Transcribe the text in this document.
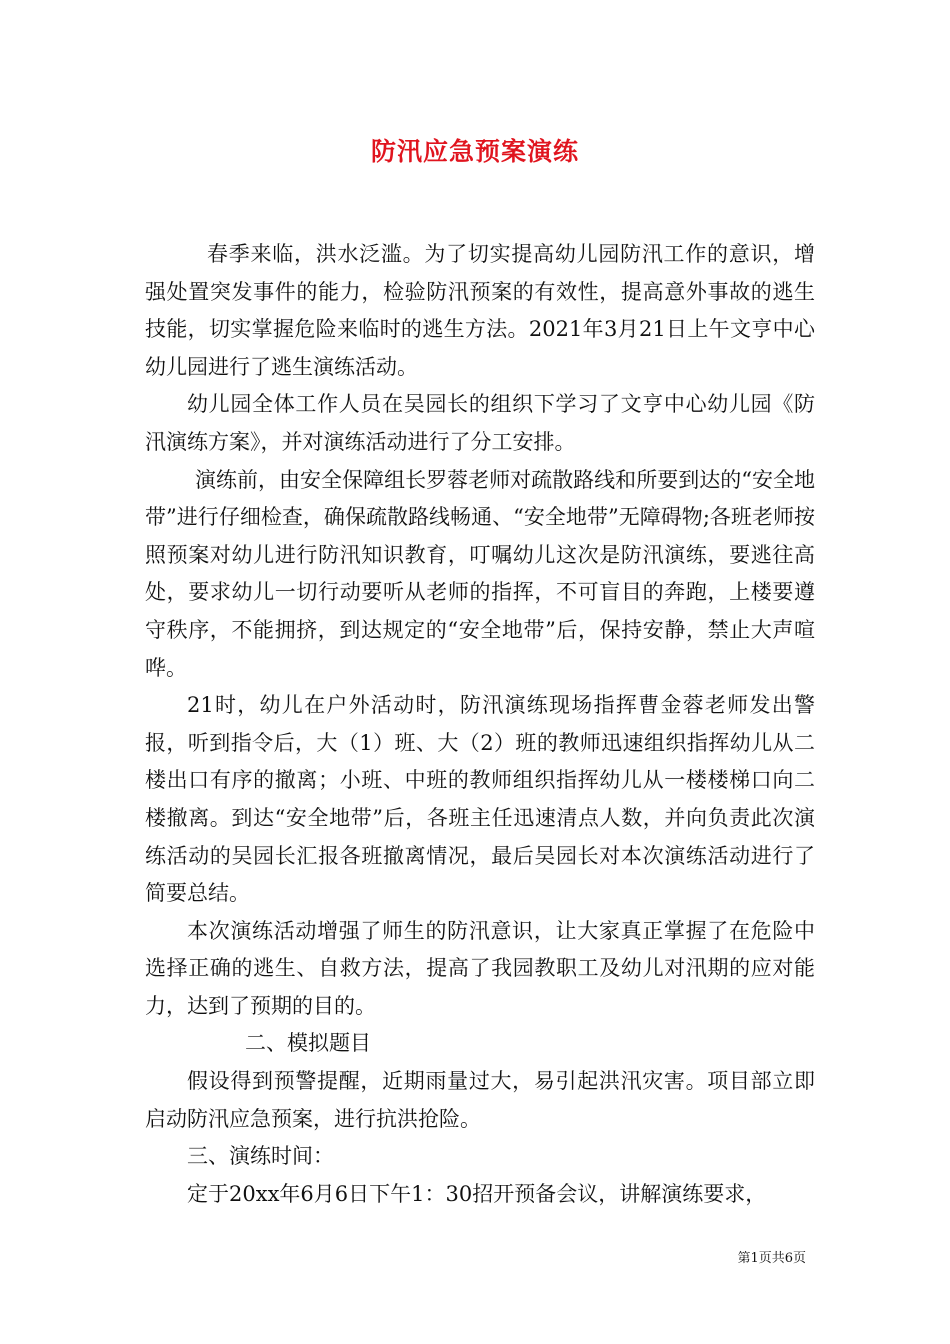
防汛应急预案演练

春季来临，洪水泛滥。为了切实提高幼儿园防汛工作的意识，增强处置突发事件的能力，检验防汛预案的有效性，提高意外事故的逃生技能，切实掌握危险来临时的逃生方法。2021年3月21日上午文亨中心幼儿园进行了逃生演练活动。

幼儿园全体工作人员在吴园长的组织下学习了文亨中心幼儿园《防汛演练方案》，并对演练活动进行了分工安排。

演练前，由安全保障组长罗蓉老师对疏散路线和所要到达的“安全地带”进行仔细检查，确保疏散路线畅通、“安全地带”无障碍物;各班老师按照预案对幼儿进行防汛知识教育，叮嘱幼儿这次是防汛演练，要逃往高处，要求幼儿一切行动要听从老师的指挥，不可盲目的奔跑，上楼要遵守秩序，不能拥挤，到达规定的“安全地带”后，保持安静，禁止大声喧哗。

21时，幼儿在户外活动时，防汛演练现场指挥曹金蓉老师发出警报，听到指令后，大（1）班、大（2）班的教师迅速组织指挥幼儿从二楼出口有序的撤离；小班、中班的教师组织指挥幼儿从一楼楼梯口向二楼撤离。到达“安全地带”后，各班主任迅速清点人数，并向负责此次演练活动的吴园长汇报各班撤离情况，最后吴园长对本次演练活动进行了简要总结。

本次演练活动增强了师生的防汛意识，让大家真正掌握了在危险中选择正确的逃生、自救方法，提高了我园教职工及幼儿对汛期的应对能力，达到了预期的目的。

二、模拟题目

假设得到预警提醒，近期雨量过大，易引起洪汛灾害。项目部立即启动防汛应急预案，进行抗洪抢险。

三、演练时间：

定于20xx年6月6日下午1：30招开预备会议，讲解演练要求，

第1页共6页
